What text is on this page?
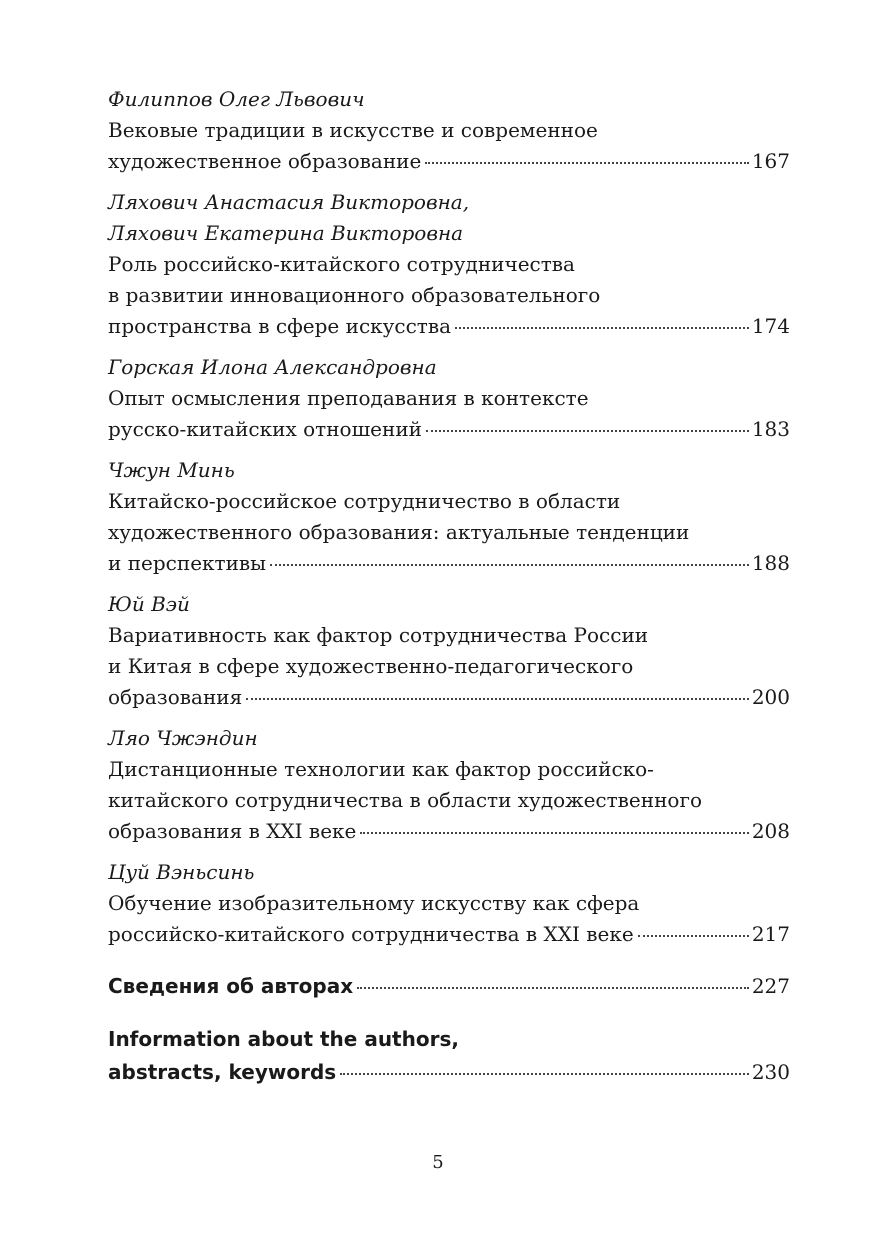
Филиппов Олег Львович
Вековые традиции в искусстве и современное
художественное образование	167
Ляхович Анастасия Викторовна,
Ляхович Екатерина Викторовна
Роль российско-китайского сотрудничества
в развитии инновационного образовательного
пространства в сфере искусства	174
Горская Илона Александровна
Опыт осмысления преподавания в контексте
русско-китайских отношений	183
Чжун Минь
Китайско-российское сотрудничество в области
художественного образования: актуальные тенденции
и перспективы	188
Юй Вэй
Вариативность как фактор сотрудничества России
и Китая в сфере художественно-педагогического
образования	200
Ляо Чжэндин
Дистанционные технологии как фактор российско-
китайского сотрудничества в области художественного
образования в XXI веке	208
Цуй Вэньсинь
Обучение изобразительному искусству как сфера
российско-китайского сотрудничества в XXI веке	217
Сведения об авторах	227
Information about the authors,
abstracts, keywords	230
5
